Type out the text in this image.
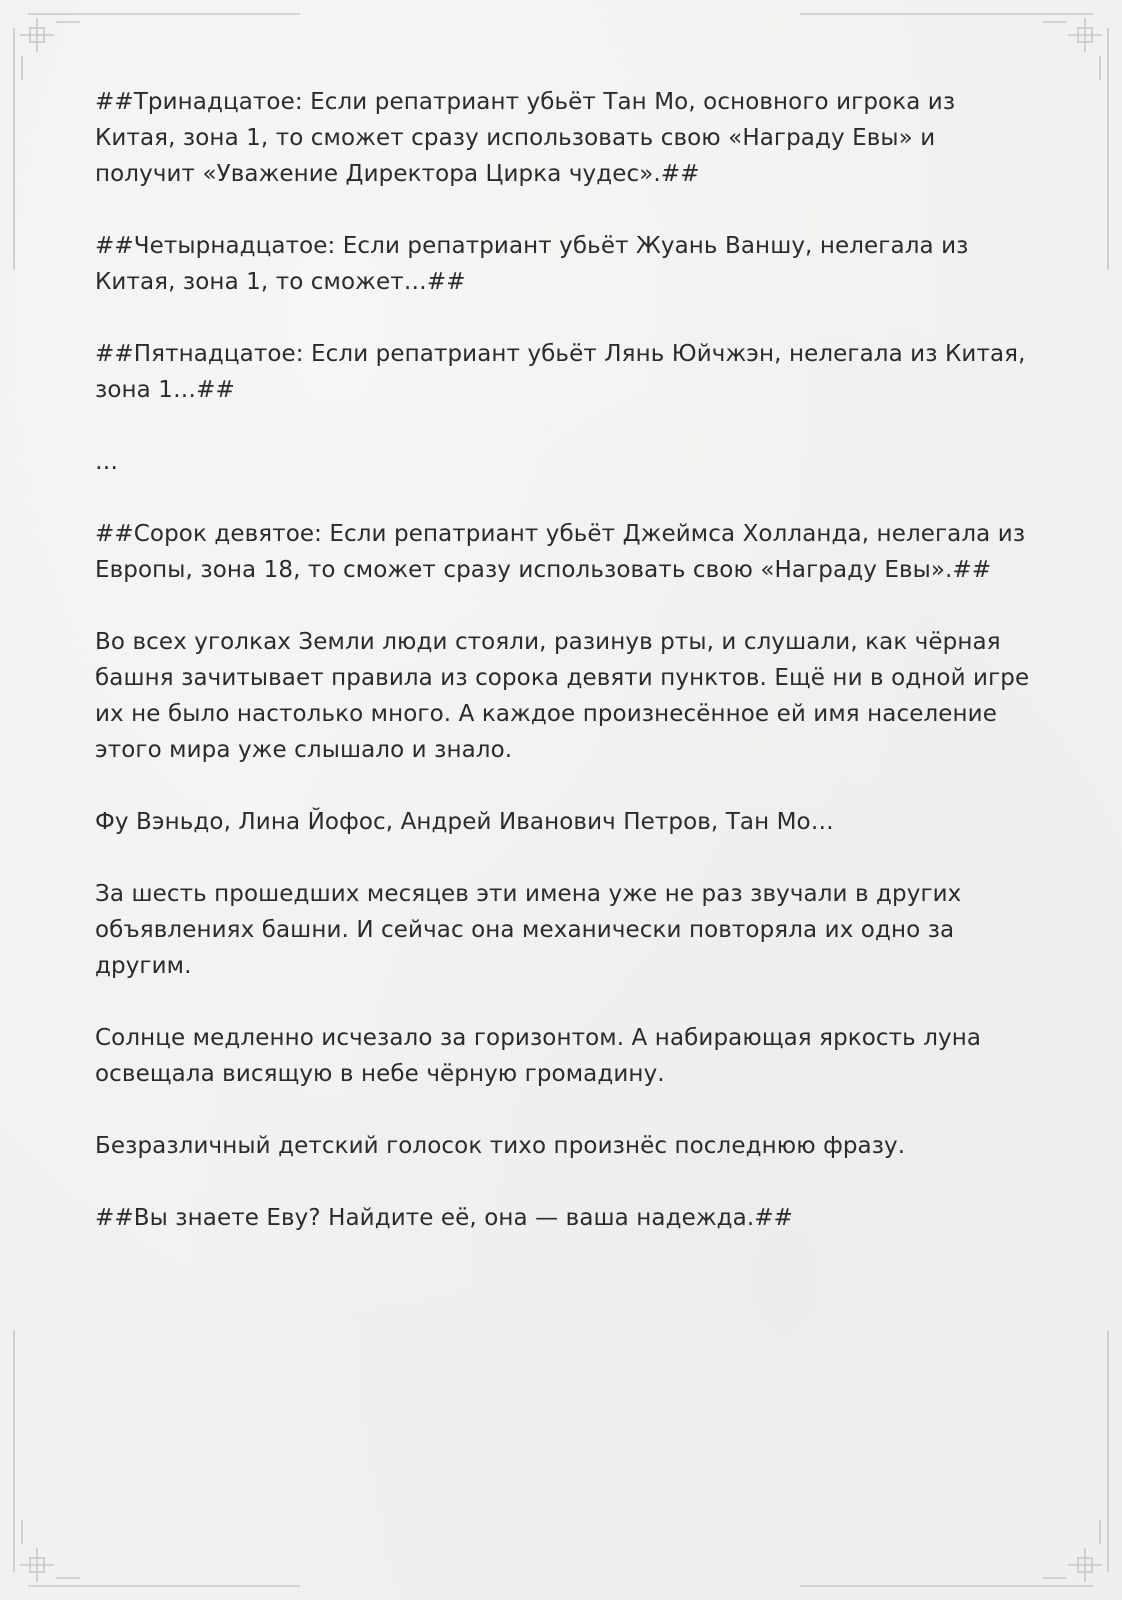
##Тринадцатое: Если репатриант убьёт Тан Мо, основного игрока из Китая, зона 1, то сможет сразу использовать свою «Награду Евы» и получит «Уважение Директора Цирка чудес».##

##Четырнадцатое: Если репатриант убьёт Жуань Ваншу, нелегала из Китая, зона 1, то сможет…##

##Пятнадцатое: Если репатриант убьёт Лянь Юйчжэн, нелегала из Китая, зона 1…##

…

##Сорок девятое: Если репатриант убьёт Джеймса Холланда, нелегала из Европы, зона 18, то сможет сразу использовать свою «Награду Евы».##

Во всех уголках Земли люди стояли, разинув рты, и слушали, как чёрная башня зачитывает правила из сорока девяти пунктов. Ещё ни в одной игре их не было настолько много. А каждое произнесённое ей имя население этого мира уже слышало и знало.

Фу Вэньдо, Лина Йофос, Андрей Иванович Петров, Тан Мо…

За шесть прошедших месяцев эти имена уже не раз звучали в других объявлениях башни. И сейчас она механически повторяла их одно за другим.

Солнце медленно исчезало за горизонтом. А набирающая яркость луна освещала висящую в небе чёрную громадину.

Безразличный детский голосок тихо произнёс последнюю фразу.

##Вы знаете Еву? Найдите её, она — ваша надежда.##
